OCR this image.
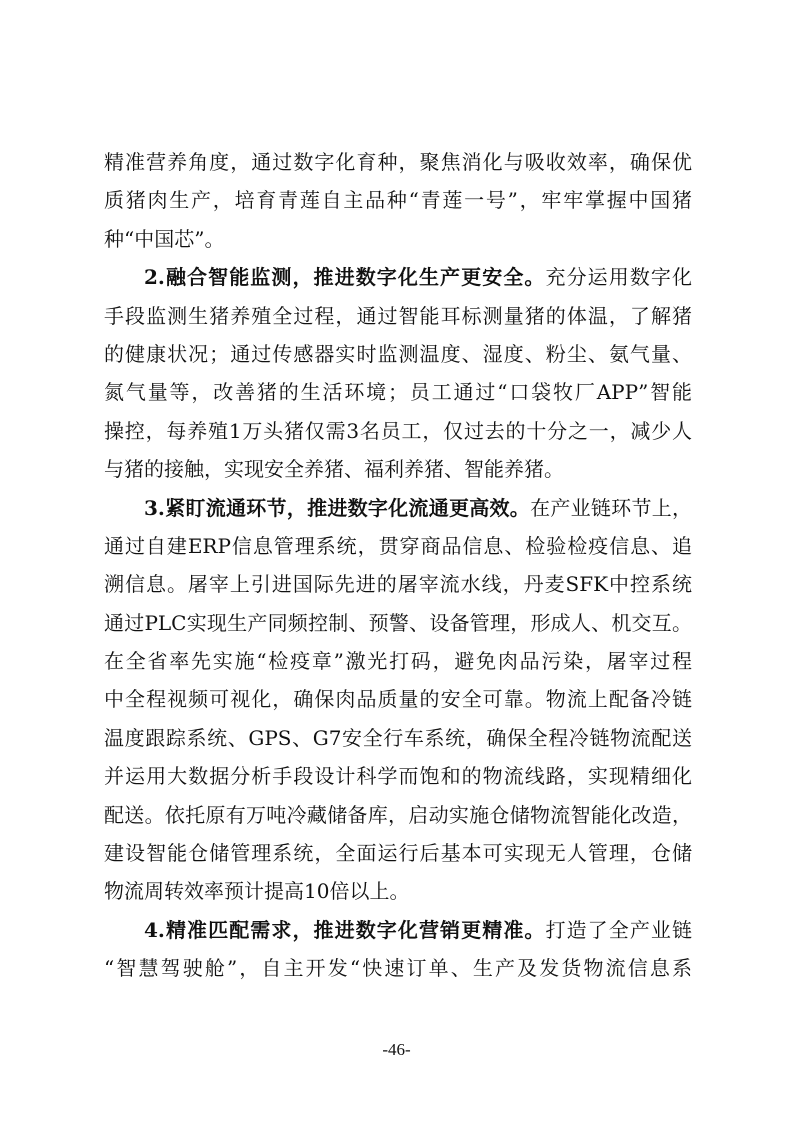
精准营养角度，通过数字化育种，聚焦消化与吸收效率，确保优
质猪肉生产，培育青莲自主品种“青莲一号”，牢牢掌握中国猪
种“中国芯”。
2.融合智能监测，推进数字化生产更安全。充分运用数字化
手段监测生猪养殖全过程，通过智能耳标测量猪的体温，了解猪
的健康状况；通过传感器实时监测温度、湿度、粉尘、氨气量、
氮气量等，改善猪的生活环境；员工通过“口袋牧厂APP”智能
操控，每养殖1万头猪仅需3名员工，仅过去的十分之一，减少人
与猪的接触，实现安全养猪、福利养猪、智能养猪。
3.紧盯流通环节，推进数字化流通更高效。在产业链环节上，
通过自建ERP信息管理系统，贯穿商品信息、检验检疫信息、追
溯信息。屠宰上引进国际先进的屠宰流水线，丹麦SFK中控系统
通过PLC实现生产同频控制、预警、设备管理，形成人、机交互。
在全省率先实施“检疫章”激光打码，避免肉品污染，屠宰过程
中全程视频可视化，确保肉品质量的安全可靠。物流上配备冷链
温度跟踪系统、GPS、G7安全行车系统，确保全程冷链物流配送
并运用大数据分析手段设计科学而饱和的物流线路，实现精细化
配送。依托原有万吨冷藏储备库，启动实施仓储物流智能化改造，
建设智能仓储管理系统，全面运行后基本可实现无人管理，仓储
物流周转效率预计提高10倍以上。
4.精准匹配需求，推进数字化营销更精准。打造了全产业链
“智慧驾驶舱”，自主开发“快速订单、生产及发货物流信息系
-46-
